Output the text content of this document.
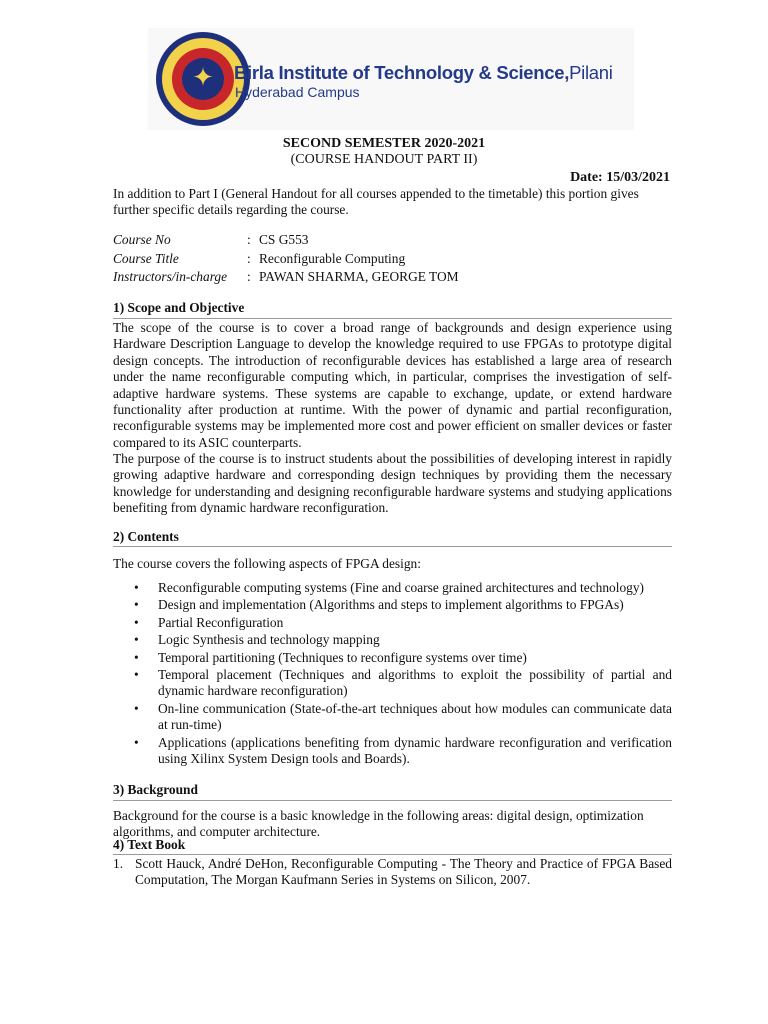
✦	Birla Institute of Technology & Science,Pilani
Hyderabad Campus
SECOND SEMESTER 2020-2021
(COURSE HANDOUT PART II)
Date: 15/03/2021

In addition to Part I (General Handout for all courses appended to the timetable) this portion gives further specific details regarding the course.

Course No	: CS G553
Course Title	: Reconfigurable Computing
Instructors/in-charge : PAWAN SHARMA, GEORGE TOM
1) Scope and Objective

The scope of the course is to cover a broad range of backgrounds and design experience using Hardware Description Language to develop the knowledge required to use FPGAs to prototype digital design concepts. The introduction of reconfigurable devices has established a large area of research under the name reconfigurable computing which, in particular, comprises the investigation of self-adaptive hardware systems. These systems are capable to exchange, update, or extend hardware functionality after production at runtime. With the power of dynamic and partial reconfiguration, reconfigurable systems may be implemented more cost and power efficient on smaller devices or faster compared to its ASIC counterparts.

The purpose of the course is to instruct students about the possibilities of developing interest in rapidly growing adaptive hardware and corresponding design techniques by providing them the necessary knowledge for understanding and designing reconfigurable hardware systems and studying applications benefiting from dynamic hardware reconfiguration.

2) Contents

The course covers the following aspects of FPGA design:

• Reconfigurable computing systems (Fine and coarse grained architectures and technology)
• Design and implementation (Algorithms and steps to implement algorithms to FPGAs)
• Partial Reconfiguration
• Logic Synthesis and technology mapping
• Temporal partitioning (Techniques to reconfigure systems over time)
• Temporal placement (Techniques and algorithms to exploit the possibility of partial and dynamic hardware reconfiguration)
• On-line communication (State-of-the-art techniques about how modules can communicate data at run-time)
• Applications (applications benefiting from dynamic hardware reconfiguration and verification using Xilinx System Design tools and Boards).
3) Background

Background for the course is a basic knowledge in the following areas: digital design, optimization algorithms, and computer architecture.

4) Text Book
1. Scott Hauck, André DeHon, Reconfigurable Computing - The Theory and Practice of FPGA Based Computation, The Morgan Kaufmann Series in Systems on Silicon, 2007.
